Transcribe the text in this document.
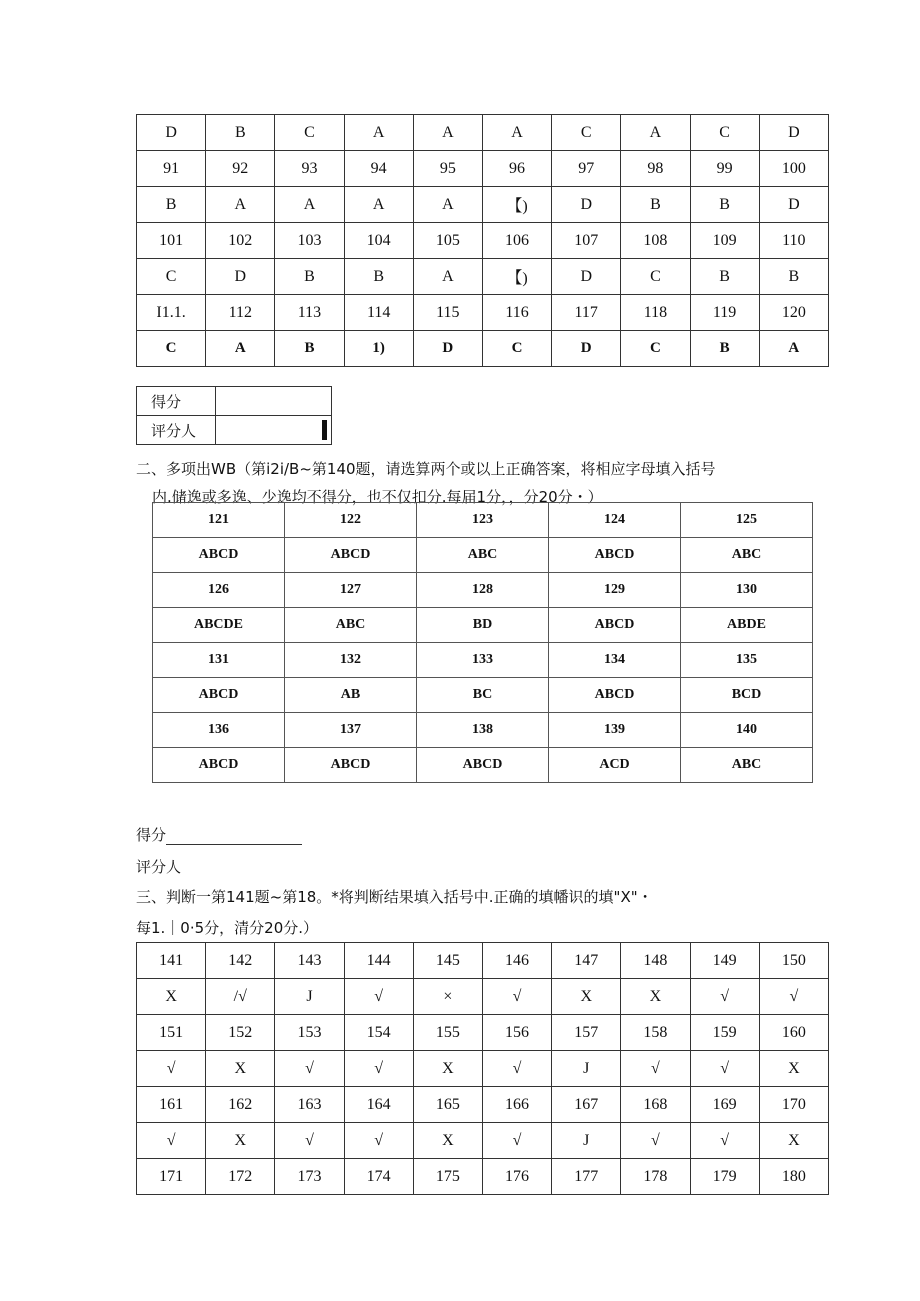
D	B	C	A	A	A	C	A	C	D
91	92	93	94	95	96	97	98	99	100
B	A	A	A	A	【)	D	B	B	D
101	102	103	104	105	106	107	108	109	110
C	D	B	B	A	【)	D	C	B	B
I1.1.	112	113	114	115	116	117	118	119	120
C	A	B	1)	D	C	D	C	B	A
得分	
评分人	
二、多项出WB（第i2i/B~第140题，请选算两个或以上正确答案，将相应字母填入括号
内.储逸或多逸、少逸均不得分，也不仅扣分.每届1分，，分20分・）
121	122	123	124	125
ABCD	ABCD	ABC	ABCD	ABC
126	127	128	129	130
ABCDE	ABC	BD	ABCD	ABDE
131	132	133	134	135
ABCD	AB	BC	ABCD	BCD
136	137	138	139	140
ABCD	ABCD	ABCD	ACD	ABC
得分
评分人
三、判断一第141题~第18。*将判断结果填入括号中.正确的填幡识的填"X"・
每1.｜0·5分，清分20分.）
141	142	143	144	145	146	147	148	149	150
X	/√	J	√	×	√	X	X	√	√
151	152	153	154	155	156	157	158	159	160
√	X	√	√	X	√	J	√	√	X
161	162	163	164	165	166	167	168	169	170
√	X	√	√	X	√	J	√	√	X
171	172	173	174	175	176	177	178	179	180
